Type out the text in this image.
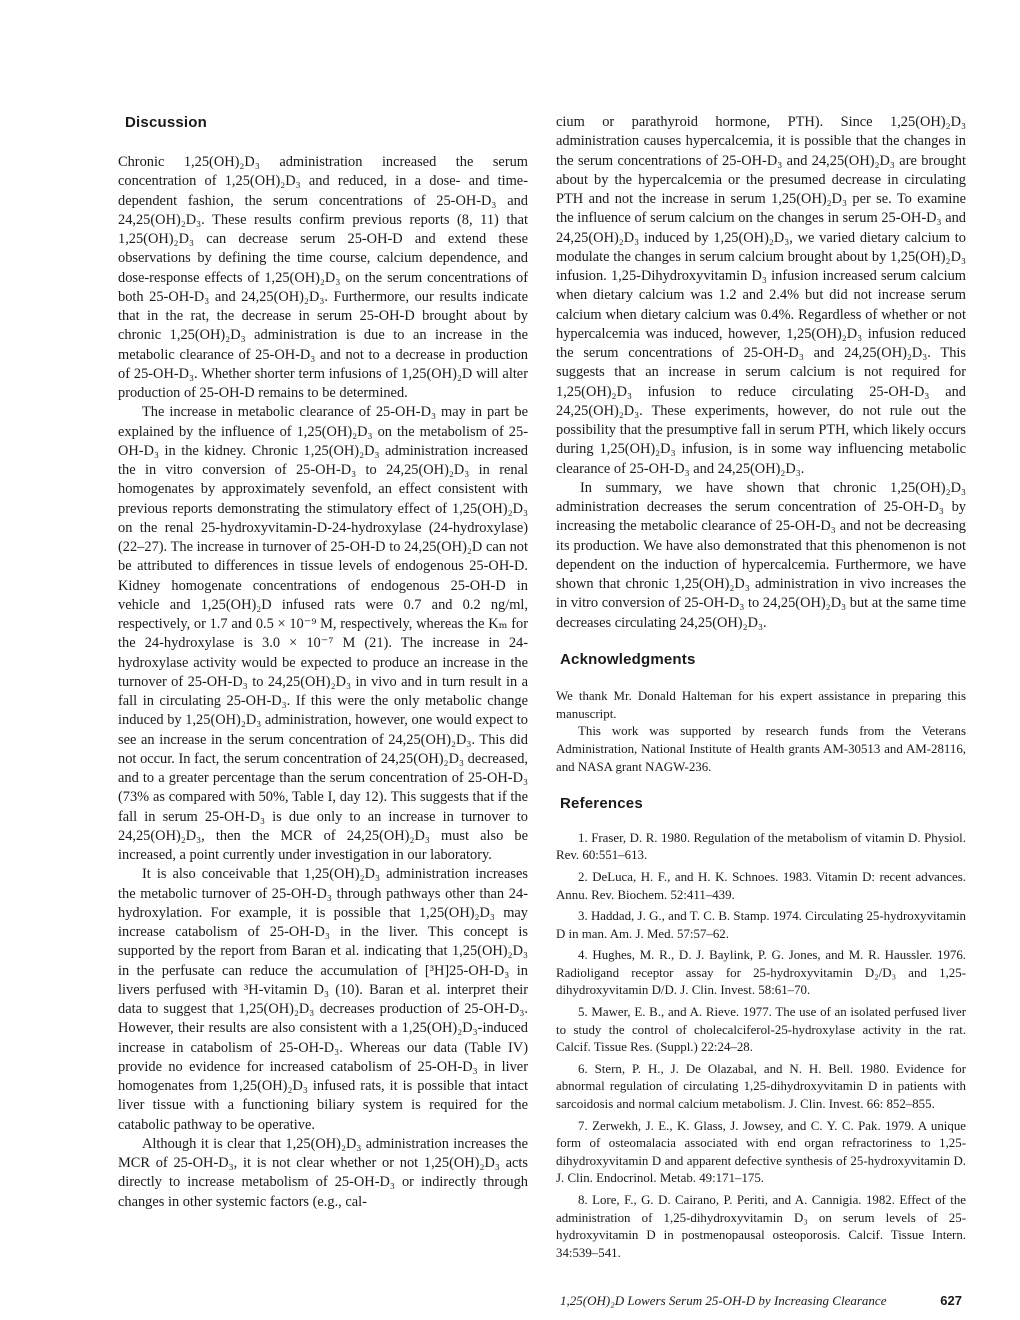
Discussion

Chronic 1,25(OH)₂D₃ administration increased the serum concentration of 1,25(OH)₂D₃ and reduced, in a dose- and time-dependent fashion, the serum concentrations of 25-OH-D₃ and 24,25(OH)₂D₃. These results confirm previous reports (8, 11) that 1,25(OH)₂D₃ can decrease serum 25-OH-D and extend these observations by defining the time course, calcium dependence, and dose-response effects of 1,25(OH)₂D₃ on the serum concentrations of both 25-OH-D₃ and 24,25(OH)₂D₃. Furthermore, our results indicate that in the rat, the decrease in serum 25-OH-D brought about by chronic 1,25(OH)₂D₃ administration is due to an increase in the metabolic clearance of 25-OH-D₃ and not to a decrease in production of 25-OH-D₃. Whether shorter term infusions of 1,25(OH)₂D will alter production of 25-OH-D remains to be determined.

The increase in metabolic clearance of 25-OH-D₃ may in part be explained by the influence of 1,25(OH)₂D₃ on the metabolism of 25-OH-D₃ in the kidney. Chronic 1,25(OH)₂D₃ administration increased the in vitro conversion of 25-OH-D₃ to 24,25(OH)₂D₃ in renal homogenates by approximately sevenfold, an effect consistent with previous reports demonstrating the stimulatory effect of 1,25(OH)₂D₃ on the renal 25-hydroxyvitamin-D-24-hydroxylase (24-hydroxylase) (22–27). The increase in turnover of 25-OH-D to 24,25(OH)₂D can not be attributed to differences in tissue levels of endogenous 25-OH-D. Kidney homogenate concentrations of endogenous 25-OH-D in vehicle and 1,25(OH)₂D infused rats were 0.7 and 0.2 ng/ml, respectively, or 1.7 and 0.5 × 10⁻⁹ M, respectively, whereas the Kₘ for the 24-hydroxylase is 3.0 × 10⁻⁷ M (21). The increase in 24-hydroxylase activity would be expected to produce an increase in the turnover of 25-OH-D₃ to 24,25(OH)₂D₃ in vivo and in turn result in a fall in circulating 25-OH-D₃. If this were the only metabolic change induced by 1,25(OH)₂D₃ administration, however, one would expect to see an increase in the serum concentration of 24,25(OH)₂D₃. This did not occur. In fact, the serum concentration of 24,25(OH)₂D₃ decreased, and to a greater percentage than the serum concentration of 25-OH-D₃ (73% as compared with 50%, Table I, day 12). This suggests that if the fall in serum 25-OH-D₃ is due only to an increase in turnover to 24,25(OH)₂D₃, then the MCR of 24,25(OH)₂D₃ must also be increased, a point currently under investigation in our laboratory.

It is also conceivable that 1,25(OH)₂D₃ administration increases the metabolic turnover of 25-OH-D₃ through pathways other than 24-hydroxylation. For example, it is possible that 1,25(OH)₂D₃ may increase catabolism of 25-OH-D₃ in the liver. This concept is supported by the report from Baran et al. indicating that 1,25(OH)₂D₃ in the perfusate can reduce the accumulation of [³H]25-OH-D₃ in livers perfused with ³H-vitamin D₃ (10). Baran et al. interpret their data to suggest that 1,25(OH)₂D₃ decreases production of 25-OH-D₃. However, their results are also consistent with a 1,25(OH)₂D₃-induced increase in catabolism of 25-OH-D₃. Whereas our data (Table IV) provide no evidence for increased catabolism of 25-OH-D₃ in liver homogenates from 1,25(OH)₂D₃ infused rats, it is possible that intact liver tissue with a functioning biliary system is required for the catabolic pathway to be operative.

Although it is clear that 1,25(OH)₂D₃ administration increases the MCR of 25-OH-D₃, it is not clear whether or not 1,25(OH)₂D₃ acts directly to increase metabolism of 25-OH-D₃ or indirectly through changes in other systemic factors (e.g., cal-

cium or parathyroid hormone, PTH). Since 1,25(OH)₂D₃ administration causes hypercalcemia, it is possible that the changes in the serum concentrations of 25-OH-D₃ and 24,25(OH)₂D₃ are brought about by the hypercalcemia or the presumed decrease in circulating PTH and not the increase in serum 1,25(OH)₂D₃ per se. To examine the influence of serum calcium on the changes in serum 25-OH-D₃ and 24,25(OH)₂D₃ induced by 1,25(OH)₂D₃, we varied dietary calcium to modulate the changes in serum calcium brought about by 1,25(OH)₂D₃ infusion. 1,25-Dihydroxyvitamin D₃ infusion increased serum calcium when dietary calcium was 1.2 and 2.4% but did not increase serum calcium when dietary calcium was 0.4%. Regardless of whether or not hypercalcemia was induced, however, 1,25(OH)₂D₃ infusion reduced the serum concentrations of 25-OH-D₃ and 24,25(OH)₂D₃. This suggests that an increase in serum calcium is not required for 1,25(OH)₂D₃ infusion to reduce circulating 25-OH-D₃ and 24,25(OH)₂D₃. These experiments, however, do not rule out the possibility that the presumptive fall in serum PTH, which likely occurs during 1,25(OH)₂D₃ infusion, is in some way influencing metabolic clearance of 25-OH-D₃ and 24,25(OH)₂D₃.

In summary, we have shown that chronic 1,25(OH)₂D₃ administration decreases the serum concentration of 25-OH-D₃ by increasing the metabolic clearance of 25-OH-D₃ and not be decreasing its production. We have also demonstrated that this phenomenon is not dependent on the induction of hypercalcemia. Furthermore, we have shown that chronic 1,25(OH)₂D₃ administration in vivo increases the in vitro conversion of 25-OH-D₃ to 24,25(OH)₂D₃ but at the same time decreases circulating 24,25(OH)₂D₃.

Acknowledgments

We thank Mr. Donald Halteman for his expert assistance in preparing this manuscript.

This work was supported by research funds from the Veterans Administration, National Institute of Health grants AM-30513 and AM-28116, and NASA grant NAGW-236.

References
1. Fraser, D. R. 1980. Regulation of the metabolism of vitamin D. Physiol. Rev. 60:551–613.
2. DeLuca, H. F., and H. K. Schnoes. 1983. Vitamin D: recent advances. Annu. Rev. Biochem. 52:411–439.
3. Haddad, J. G., and T. C. B. Stamp. 1974. Circulating 25-hydroxyvitamin D in man. Am. J. Med. 57:57–62.
4. Hughes, M. R., D. J. Baylink, P. G. Jones, and M. R. Haussler. 1976. Radioligand receptor assay for 25-hydroxyvitamin D₂/D₃ and 1,25-dihydroxyvitamin D/D. J. Clin. Invest. 58:61–70.
5. Mawer, E. B., and A. Rieve. 1977. The use of an isolated perfused liver to study the control of cholecalciferol-25-hydroxylase activity in the rat. Calcif. Tissue Res. (Suppl.) 22:24–28.
6. Stern, P. H., J. De Olazabal, and N. H. Bell. 1980. Evidence for abnormal regulation of circulating 1,25-dihydroxyvitamin D in patients with sarcoidosis and normal calcium metabolism. J. Clin. Invest. 66: 852–855.
7. Zerwekh, J. E., K. Glass, J. Jowsey, and C. Y. C. Pak. 1979. A unique form of osteomalacia associated with end organ refractoriness to 1,25-dihydroxyvitamin D and apparent defective synthesis of 25-hydroxyvitamin D. J. Clin. Endocrinol. Metab. 49:171–175.
8. Lore, F., G. D. Cairano, P. Periti, and A. Cannigia. 1982. Effect of the administration of 1,25-dihydroxyvitamin D₃ on serum levels of 25-hydroxyvitamin D in postmenopausal osteoporosis. Calcif. Tissue Intern. 34:539–541.
1,25(OH)₂D Lowers Serum 25-OH-D by Increasing Clearance	627
